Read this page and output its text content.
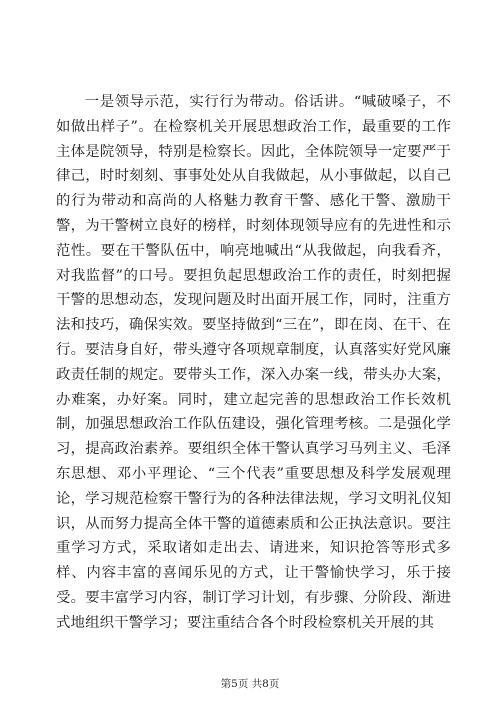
一是领导示范，实行行为带动。俗话讲。“喊破嗓子，不如做出样子”。在检察机关开展思想政治工作，最重要的工作主体是院领导，特别是检察长。因此，全体院领导一定要严于律己，时时刻刻、事事处处从自我做起，从小事做起，以自己的行为带动和高尚的人格魅力教育干警、感化干警、激励干警，为干警树立良好的榜样，时刻体现领导应有的先进性和示范性。要在干警队伍中，响亮地喊出“从我做起，向我看齐，对我监督”的口号。要担负起思想政治工作的责任，时刻把握干警的思想动态，发现问题及时出面开展工作，同时，注重方法和技巧，确保实效。要坚持做到“三在”，即在岗、在干、在行。要洁身自好，带头遵守各项规章制度，认真落实好党风廉政责任制的规定。要带头工作，深入办案一线，带头办大案，办难案，办好案。同时，建立起完善的思想政治工作长效机制，加强思想政治工作队伍建设，强化管理考核。二是强化学习，提高政治素养。要组织全体干警认真学习马列主义、毛泽东思想、邓小平理论、“三个代表”重要思想及科学发展观理论，学习规范检察干警行为的各种法律法规，学习文明礼仪知识，从而努力提高全体干警的道德素质和公正执法意识。要注重学习方式，采取诸如走出去、请进来，知识抢答等形式多样、内容丰富的喜闻乐见的方式，让干警愉快学习，乐于接受。要丰富学习内容，制订学习计划，有步骤、分阶段、渐进式地组织干警学习；要注重结合各个时段检察机关开展的其

第5页 共8页
